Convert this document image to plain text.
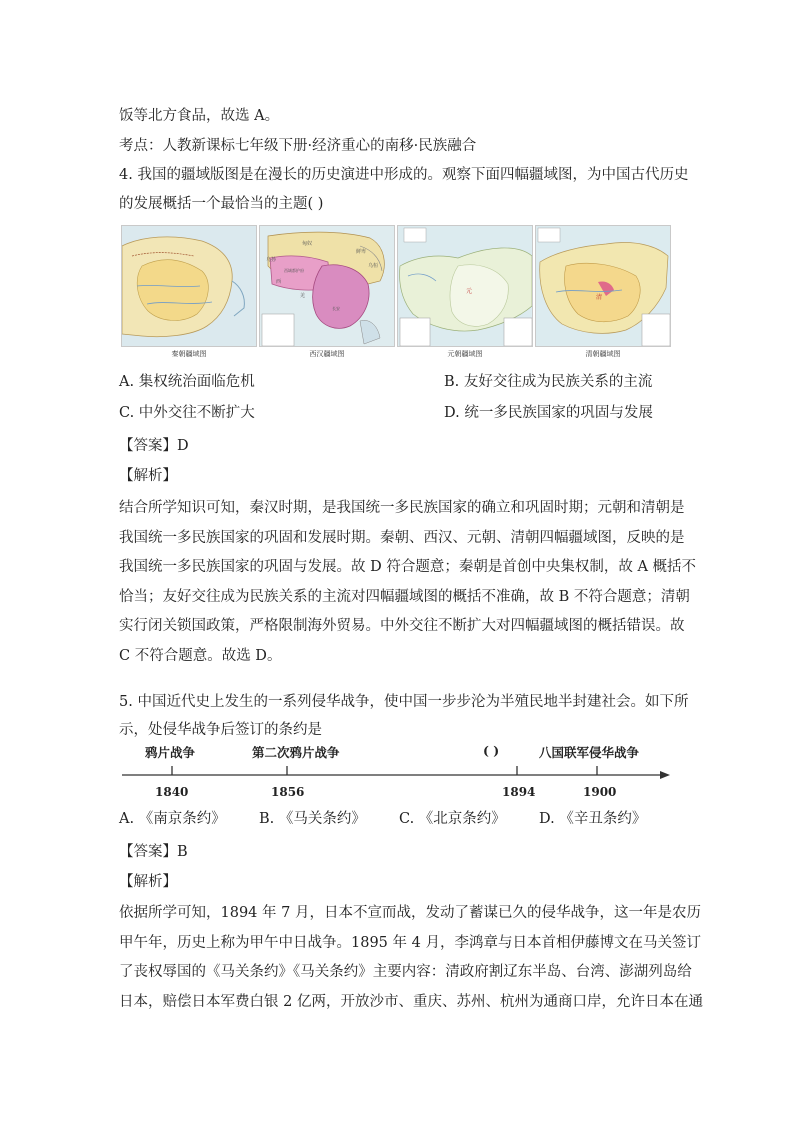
饭等北方食品，故选 A。
考点：人教新课标七年级下册·经济重心的南移·民族融合
4. 我国的疆域版图是在漫长的历史演进中形成的。观察下面四幅疆域图，为中国古代历史
的发展概括一个最恰当的主题( )
秦朝疆域图
匈奴
乌孙
西域都护府
西
羌
长安
鲜卑
乌桓
西汉疆域图
元
元朝疆域图
清
清朝疆域图
A. 集权统治面临危机	B. 友好交往成为民族关系的主流
C. 中外交往不断扩大	D. 统一多民族国家的巩固与发展
【答案】D
【解析】
结合所学知识可知，秦汉时期，是我国统一多民族国家的确立和巩固时期；元朝和清朝是
我国统一多民族国家的巩固和发展时期。秦朝、西汉、元朝、清朝四幅疆域图，反映的是
我国统一多民族国家的巩固与发展。故 D 符合题意；秦朝是首创中央集权制，故 A 概括不
恰当；友好交往成为民族关系的主流对四幅疆域图的概括不准确，故 B 不符合题意；清朝
实行闭关锁国政策，严格限制海外贸易。中外交往不断扩大对四幅疆域图的概括错误。故
C 不符合题意。故选 D。
5. 中国近代史上发生的一系列侵华战争，使中国一步步沦为半殖民地半封建社会。如下所
示，处侵华战争后签订的条约是
鸦片战争	第二次鸦片战争	( )	八国联军侵华战争
1840	1856	1894	1900
A. 《南京条约》 B. 《马关条约》 C. 《北京条约》 D. 《辛丑条约》
【答案】B
【解析】
依据所学可知，1894 年 7 月，日本不宣而战，发动了蓄谋已久的侵华战争，这一年是农历
甲午年，历史上称为甲午中日战争。1895 年 4 月，李鸿章与日本首相伊藤博文在马关签订
了丧权辱国的《马关条约》《马关条约》主要内容：清政府割辽东半岛、台湾、澎湖列岛给
日本，赔偿日本军费白银 2 亿两，开放沙市、重庆、苏州、杭州为通商口岸，允许日本在通
